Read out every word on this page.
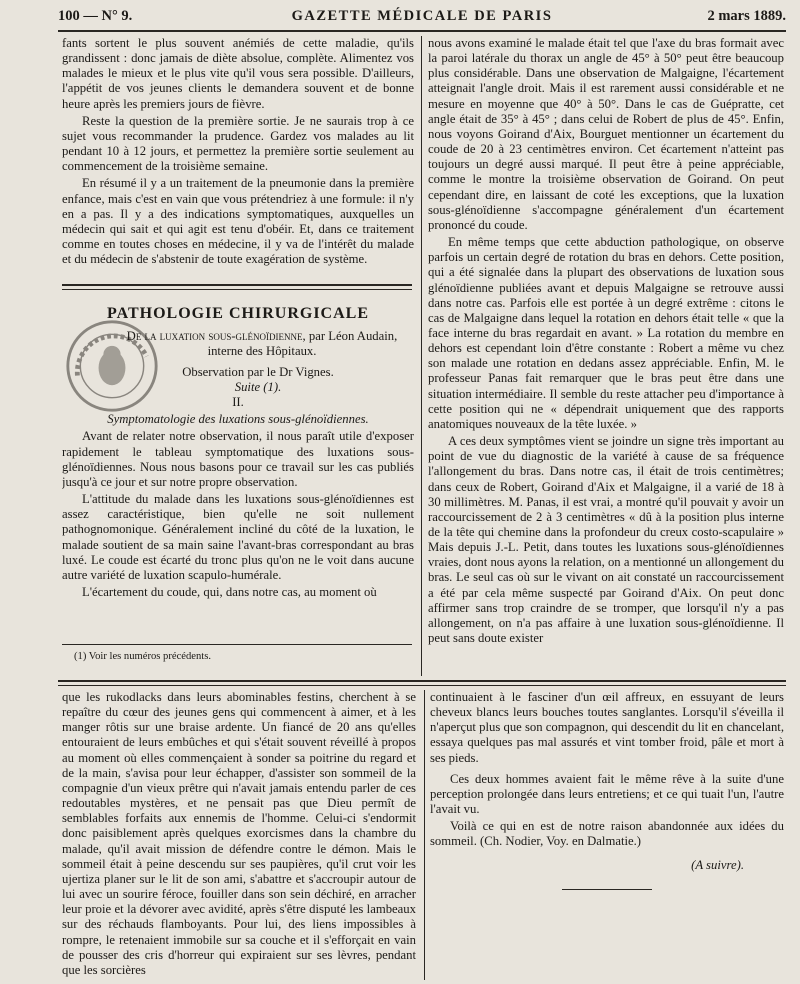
100 — N° 9.	GAZETTE MÉDICALE DE PARIS	2 mars 1889.

fants sortent le plus souvent anémiés de cette maladie, qu'ils grandissent : donc jamais de diète absolue, complète. Alimentez vos malades le mieux et le plus vite qu'il vous sera possible. D'ailleurs, l'appétit de vos jeunes clients le demandera souvent et de bonne heure après les premiers jours de fièvre.

Reste la question de la première sortie. Je ne saurais trop à ce sujet vous recommander la prudence. Gardez vos malades au lit pendant 10 à 12 jours, et permettez la première sortie seulement au commencement de la troisième semaine.

En résumé il y a un traitement de la pneumonie dans la première enfance, mais c'est en vain que vous prétendriez à une formule: il n'y en a pas. Il y a des indications symptomatiques, auxquelles un médecin qui sait et qui agit est tenu d'obéir. Et, dans ce traitement comme en toutes choses en médecine, il y va de l'intérêt du malade et du médecin de s'abstenir de toute exagération de système.

PATHOLOGIE CHIRURGICALE
De la luxation sous-glénoïdienne, par Léon Audain,
interne des Hôpitaux.
Observation par le Dr Vignes.
Suite (1).

II.

Symptomatologie des luxations sous-glénoïdiennes.

Avant de relater notre observation, il nous paraît utile d'exposer rapidement le tableau symptomatique des luxations sous-glénoïdiennes. Nous nous basons pour ce travail sur les cas publiés jusqu'à ce jour et sur notre propre observation.

L'attitude du malade dans les luxations sous-glénoïdiennes est assez caractéristique, bien qu'elle ne soit nullement pathognomonique. Généralement incliné du côté de la luxation, le malade soutient de sa main saine l'avant-bras correspondant au bras luxé. Le coude est écarté du tronc plus qu'on ne le voit dans aucune autre variété de luxation scapulo-humérale.

L'écartement du coude, qui, dans notre cas, au moment où

(1) Voir les numéros précédents.

nous avons examiné le malade était tel que l'axe du bras formait avec la paroi latérale du thorax un angle de 45° à 50° peut être beaucoup plus considérable. Dans une observation de Malgaigne, l'écartement atteignait l'angle droit. Mais il est rarement aussi considérable et ne mesure en moyenne que 40° à 50°. Dans le cas de Guépratte, cet angle était de 35° à 45° ; dans celui de Robert de plus de 45°. Enfin, nous voyons Goirand d'Aix, Bourguet mentionner un écartement du coude de 20 à 23 centimètres environ. Cet écartement n'atteint pas toujours un degré aussi marqué. Il peut être à peine appréciable, comme le montre la troisième observation de Goirand. On peut cependant dire, en laissant de coté les exceptions, que la luxation sous-glénoïdienne s'accompagne généralement d'un écartement prononcé du coude.

En même temps que cette abduction pathologique, on observe parfois un certain degré de rotation du bras en dehors. Cette position, qui a été signalée dans la plupart des observations de luxation sous glénoïdienne publiées avant et depuis Malgaigne se retrouve aussi dans notre cas. Parfois elle est portée à un degré extrême : citons le cas de Malgaigne dans lequel la rotation en dehors était telle « que la face interne du bras regardait en avant. » La rotation du membre en dehors est cependant loin d'être constante : Robert a même vu chez son malade une rotation en dedans assez appréciable. Enfin, M. le professeur Panas fait remarquer que le bras peut être dans une situation intermédiaire. Il semble du reste attacher peu d'importance à cette position qui ne « dépendrait uniquement que des rapports anatomiques nouveaux de la tête luxée. »

A ces deux symptômes vient se joindre un signe très important au point de vue du diagnostic de la variété à cause de sa fréquence l'allongement du bras. Dans notre cas, il était de trois centimètres; dans ceux de Robert, Goirand d'Aix et Malgaigne, il a varié de 18 à 30 millimètres. M. Panas, il est vrai, a montré qu'il pouvait y avoir un raccourcissement de 2 à 3 centimètres « dû à la position plus interne de la tête qui chemine dans la profondeur du creux costo-scapulaire » Mais depuis J.-L. Petit, dans toutes les luxations sous-glénoïdiennes vraies, dont nous ayons la relation, on a mentionné un allongement du bras. Le seul cas où sur le vivant on ait constaté un raccourcissement a été par cela même suspecté par Goirand d'Aix. On peut donc affirmer sans trop craindre de se tromper, que lorsqu'il n'y a pas allongement, on n'a pas affaire à une luxation sous-glénoïdienne. Il peut sans doute exister

que les rukodlacks dans leurs abominables festins, cherchent à se repaître du cœur des jeunes gens qui commencent à aimer, et à les manger rôtis sur une braise ardente. Un fiancé de 20 ans qu'elles entouraient de leurs embûches et qui s'était souvent réveillé à propos au moment où elles commençaient à sonder sa poitrine du regard et de la main, s'avisa pour leur échapper, d'assister son sommeil de la compagnie d'un vieux prêtre qui n'avait jamais entendu parler de ces redoutables mystères, et ne pensait pas que Dieu permît de semblables forfaits aux ennemis de l'homme. Celui-ci s'endormit donc paisiblement après quelques exorcismes dans la chambre du malade, qu'il avait mission de défendre contre le démon. Mais le sommeil était à peine descendu sur ses paupières, qu'il crut voir les ujertiza planer sur le lit de son ami, s'abattre et s'accroupir autour de lui avec un sourire féroce, fouiller dans son sein déchiré, en arracher leur proie et la dévorer avec avidité, après s'être disputé les lambeaux sur des réchauds flamboyants. Pour lui, des liens impossibles à rompre, le retenaient immobile sur sa couche et il s'efforçait en vain de pousser des cris d'horreur qui expiraient sur ses lèvres, pendant que les sorcières

continuaient à le fasciner d'un œil affreux, en essuyant de leurs cheveux blancs leurs bouches toutes sanglantes. Lorsqu'il s'éveilla il n'aperçut plus que son compagnon, qui descendit du lit en chancelant, essaya quelques pas mal assurés et vint tomber froid, pâle et mort à ses pieds.

Ces deux hommes avaient fait le même rêve à la suite d'une perception prolongée dans leurs entretiens; et ce qui tuait l'un, l'autre l'avait vu.

Voilà ce qui en est de notre raison abandonnée aux idées du sommeil. (Ch. Nodier, Voy. en Dalmatie.)

(A suivre).
